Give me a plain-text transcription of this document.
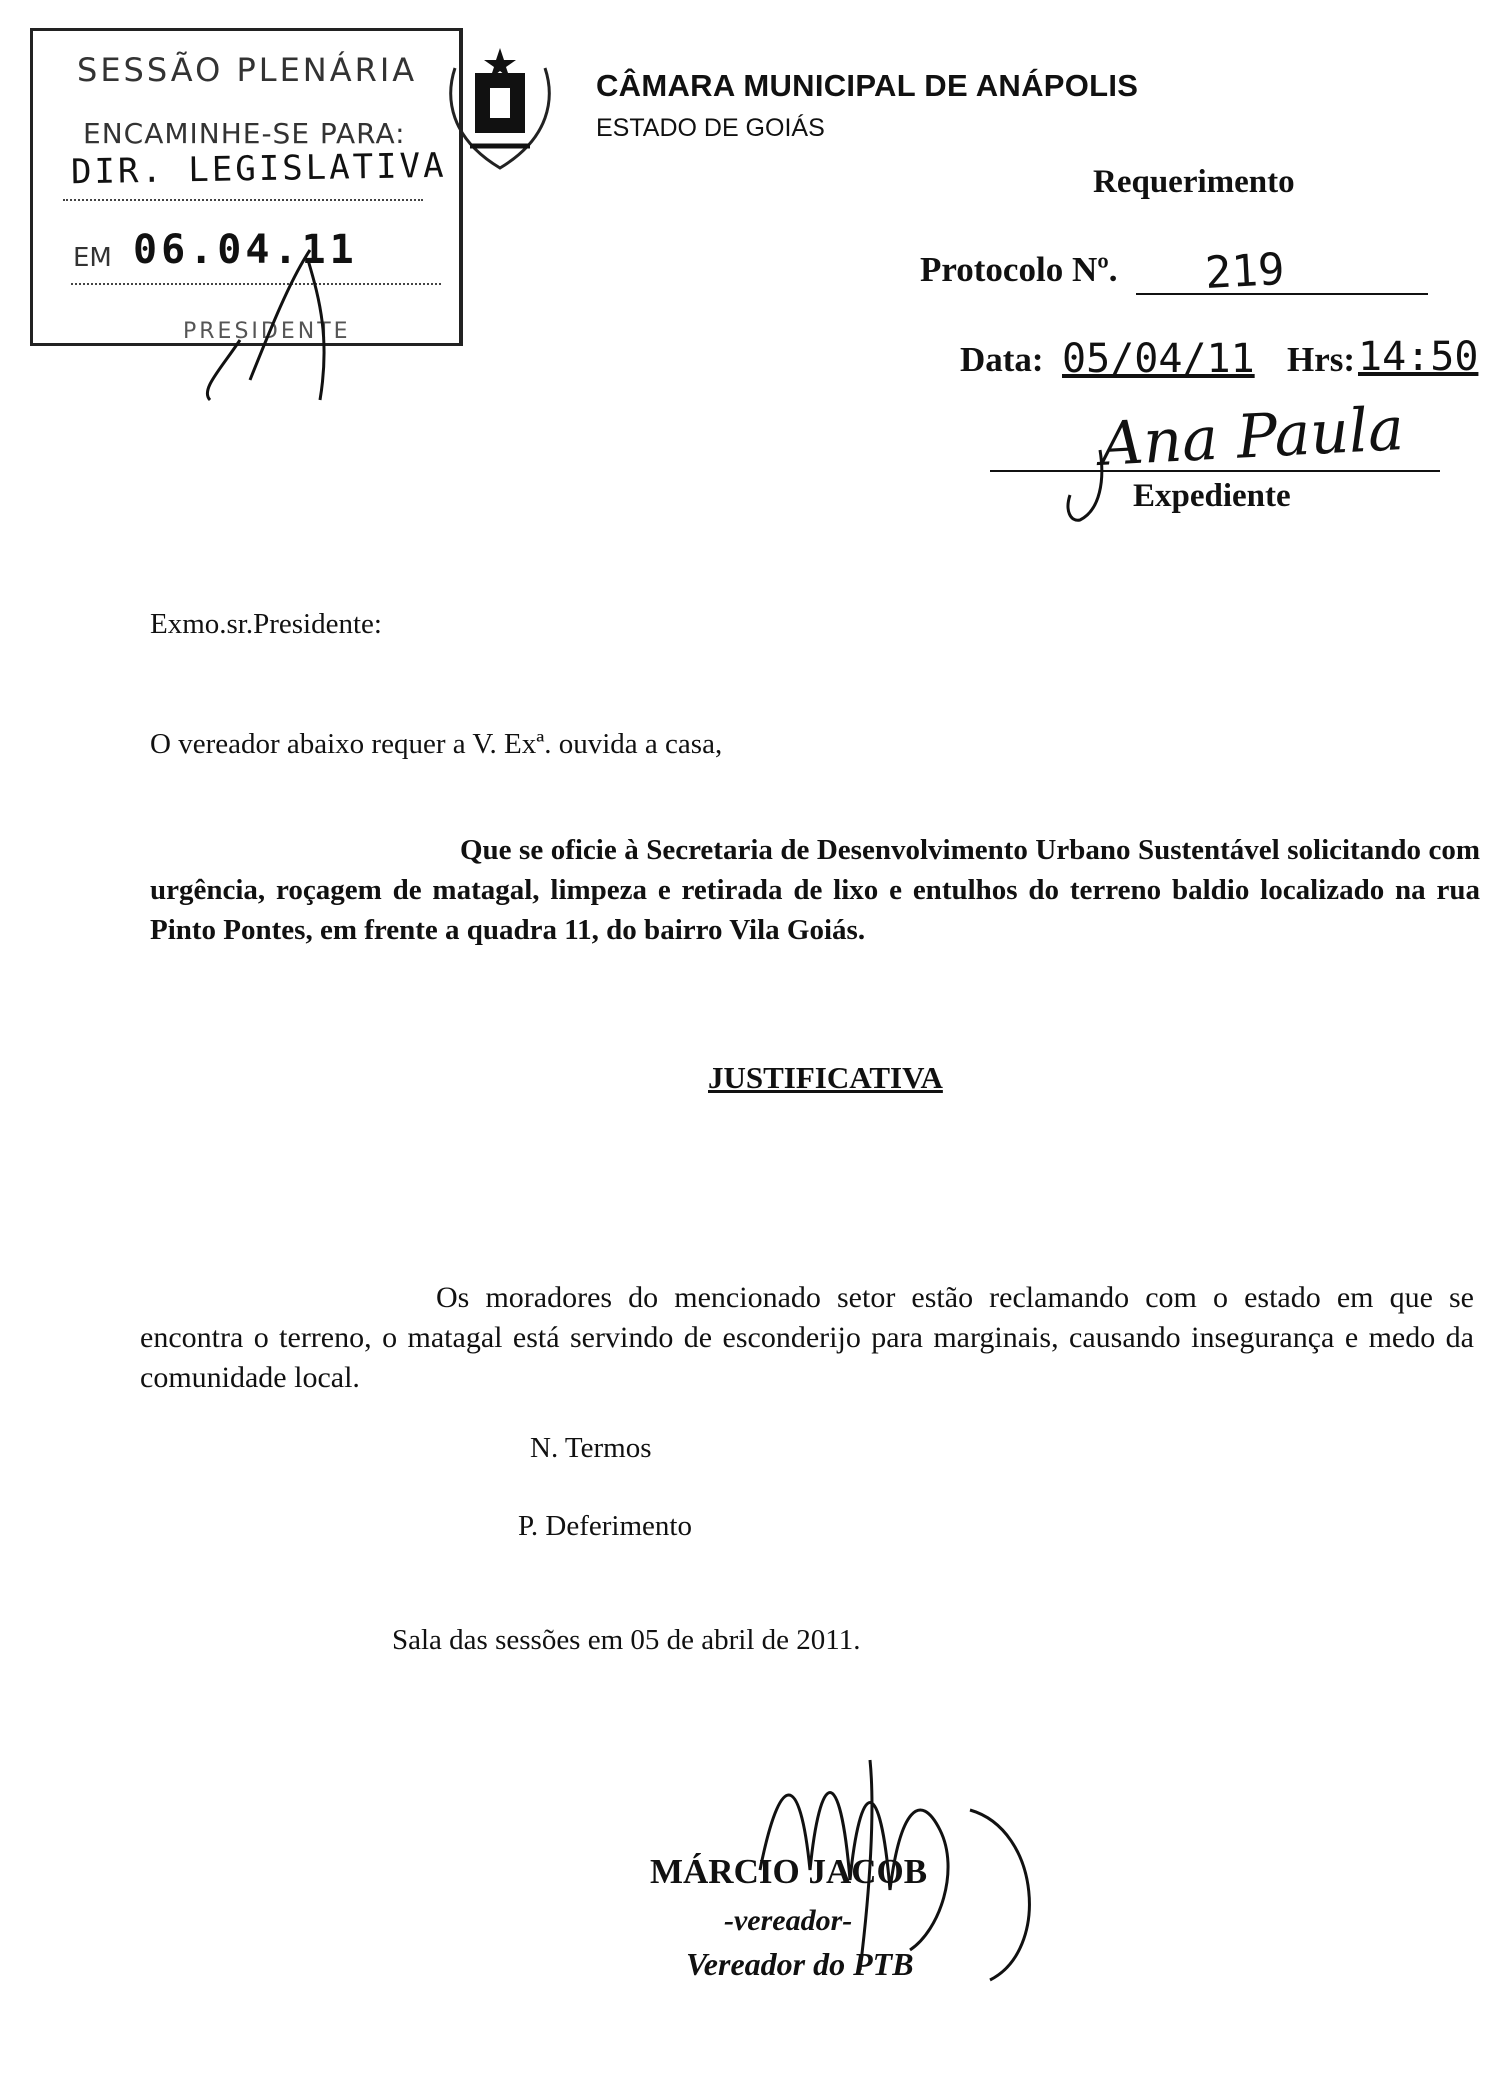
SESSÃO PLENÁRIA
ENCAMINHE-SE PARA:
DIR. LEGISLATIVA
EM 06.04.11
PRESIDENTE
CÂMARA MUNICIPAL DE ANÁPOLIS
ESTADO DE GOIÁS
Requerimento
Protocolo Nº. 219
Data: 05/04/11 Hrs: 14:50
Ana Paula
Expediente
Exmo.sr.Presidente:
O vereador abaixo requer a V. Exª. ouvida a casa,
Que se oficie à Secretaria de Desenvolvimento Urbano Sustentável solicitando com urgência, roçagem de matagal, limpeza e retirada de lixo e entulhos do terreno baldio localizado na rua Pinto Pontes, em frente a quadra 11, do bairro Vila Goiás.
JUSTIFICATIVA
Os moradores do mencionado setor estão reclamando com o estado em que se encontra o terreno, o matagal está servindo de esconderijo para marginais, causando insegurança e medo da comunidade local.
N. Termos
P. Deferimento
Sala das sessões em 05 de abril de 2011.
MÁRCIO JACOB
-vereador-
Vereador do PTB
